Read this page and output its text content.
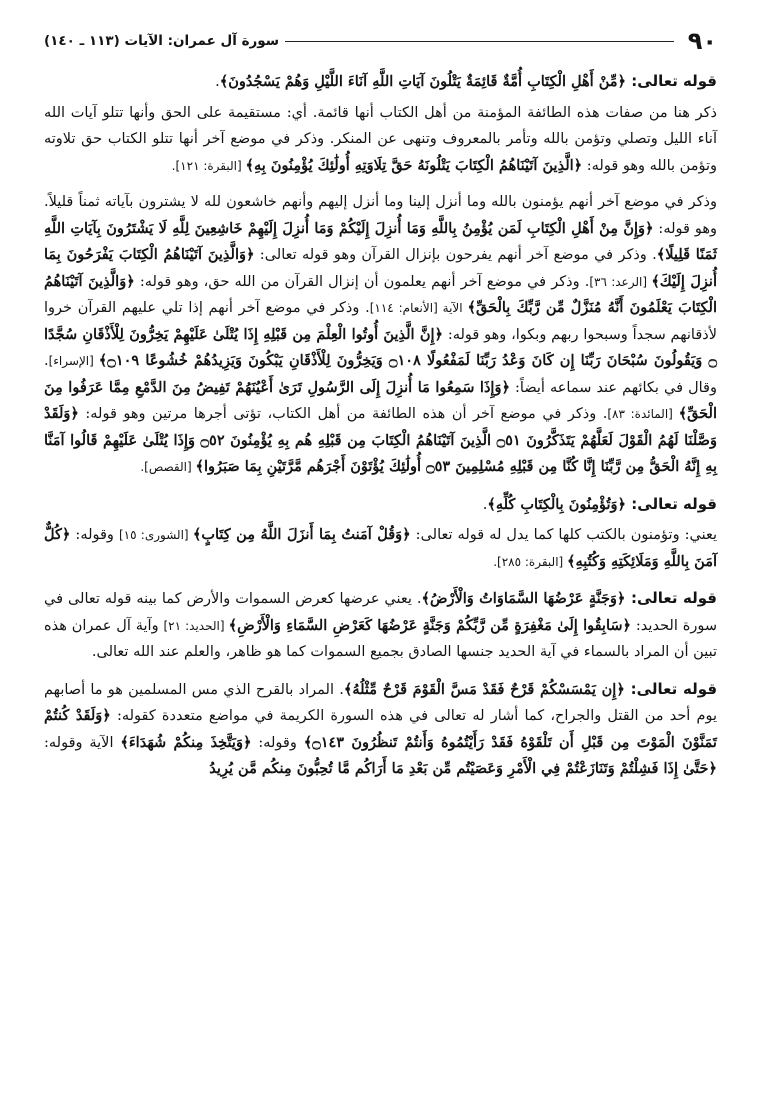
٩٠
سورة آل عمران: الآيات (١١٣ ـ ١٤٠)

قوله تعالى: ﴿مِّنْ أَهْلِ الْكِتَابِ أُمَّةٌ قَائِمَةٌ يَتْلُونَ آيَاتِ اللَّهِ آنَاءَ اللَّيْلِ وَهُمْ يَسْجُدُونَ﴾.

ذكر هنا من صفات هذه الطائفة المؤمنة من أهل الكتاب أنها قائمة. أي: مستقيمة على الحق وأنها تتلو آيات الله آناء الليل وتصلي وتؤمن بالله وتأمر بالمعروف وتنهى عن المنكر. وذكر في موضع آخر أنها تتلو الكتاب حق تلاوته وتؤمن بالله وهو قوله: ﴿الَّذِينَ آتَيْنَاهُمُ الْكِتَابَ يَتْلُونَهُ حَقَّ تِلَاوَتِهِ أُولَٰئِكَ يُؤْمِنُونَ بِهِ﴾ [البقرة: ١٢١].

وذكر في موضع آخر أنهم يؤمنون بالله وما أنزل إلينا وما أنزل إليهم وأنهم خاشعون لله لا يشترون بآياته ثمناً قليلاً. وهو قوله: ﴿وَإِنَّ مِنْ أَهْلِ الْكِتَابِ لَمَن يُؤْمِنُ بِاللَّهِ وَمَا أُنزِلَ إِلَيْكُمْ وَمَا أُنزِلَ إِلَيْهِمْ خَاشِعِينَ لِلَّهِ لَا يَشْتَرُونَ بِآيَاتِ اللَّهِ ثَمَنًا قَلِيلًا﴾. وذكر في موضع آخر أنهم يفرحون بإنزال القرآن وهو قوله تعالى: ﴿وَالَّذِينَ آتَيْنَاهُمُ الْكِتَابَ يَفْرَحُونَ بِمَا أُنزِلَ إِلَيْكَ﴾ [الرعد: ٣٦]. وذكر في موضع آخر أنهم يعلمون أن إنزال القرآن من الله حق، وهو قوله: ﴿وَالَّذِينَ آتَيْنَاهُمُ الْكِتَابَ يَعْلَمُونَ أَنَّهُ مُنَزَّلٌ مِّن رَّبِّكَ بِالْحَقِّ﴾ الآية [الأنعام: ١١٤]. وذكر في موضع آخر أنهم إذا تلي عليهم القرآن خروا لأذقانهم سجداً وسبحوا ربهم وبكوا، وهو قوله: ﴿إِنَّ الَّذِينَ أُوتُوا الْعِلْمَ مِن قَبْلِهِ إِذَا يُتْلَىٰ عَلَيْهِمْ يَخِرُّونَ لِلْأَذْقَانِ سُجَّدًا ۝ وَيَقُولُونَ سُبْحَانَ رَبِّنَا إِن كَانَ وَعْدُ رَبِّنَا لَمَفْعُولًا ۝١٠٨ وَيَخِرُّونَ لِلْأَذْقَانِ يَبْكُونَ وَيَزِيدُهُمْ خُشُوعًا ۝١٠٩﴾ [الإسراء]. وقال في بكائهم عند سماعه أيضاً: ﴿وَإِذَا سَمِعُوا مَا أُنزِلَ إِلَى الرَّسُولِ تَرَىٰ أَعْيُنَهُمْ تَفِيضُ مِنَ الدَّمْعِ مِمَّا عَرَفُوا مِنَ الْحَقِّ﴾ [المائدة: ٨٣]. وذكر في موضع آخر أن هذه الطائفة من أهل الكتاب، تؤتى أجرها مرتين وهو قوله: ﴿وَلَقَدْ وَصَّلْنَا لَهُمُ الْقَوْلَ لَعَلَّهُمْ يَتَذَكَّرُونَ ۝٥١ الَّذِينَ آتَيْنَاهُمُ الْكِتَابَ مِن قَبْلِهِ هُم بِهِ يُؤْمِنُونَ ۝٥٢ وَإِذَا يُتْلَىٰ عَلَيْهِمْ قَالُوا آمَنَّا بِهِ إِنَّهُ الْحَقُّ مِن رَّبِّنَا إِنَّا كُنَّا مِن قَبْلِهِ مُسْلِمِينَ ۝٥٣ أُولَٰئِكَ يُؤْتَوْنَ أَجْرَهُم مَّرَّتَيْنِ بِمَا صَبَرُوا﴾ [القصص].

قوله تعالى: ﴿وَتُؤْمِنُونَ بِالْكِتَابِ كُلِّهِ﴾.

يعني: وتؤمنون بالكتب كلها كما يدل له قوله تعالى: ﴿وَقُلْ آمَنتُ بِمَا أَنزَلَ اللَّهُ مِن كِتَابٍ﴾ [الشورى: ١٥] وقوله: ﴿كُلٌّ آمَنَ بِاللَّهِ وَمَلَائِكَتِهِ وَكُتُبِهِ﴾ [البقرة: ٢٨٥].

قوله تعالى: ﴿وَجَنَّةٍ عَرْضُهَا السَّمَاوَاتُ وَالْأَرْضُ﴾. يعني عرضها كعرض السموات والأرض كما بينه قوله تعالى في سورة الحديد: ﴿سَابِقُوا إِلَىٰ مَغْفِرَةٍ مِّن رَّبِّكُمْ وَجَنَّةٍ عَرْضُهَا كَعَرْضِ السَّمَاءِ وَالْأَرْضِ﴾ [الحديد: ٢١] وآية آل عمران هذه تبين أن المراد بالسماء في آية الحديد جنسها الصادق بجميع السموات كما هو ظاهر، والعلم عند الله تعالى.

قوله تعالى: ﴿إِن يَمْسَسْكُمْ قَرْحٌ فَقَدْ مَسَّ الْقَوْمَ قَرْحٌ مِّثْلُهُ﴾. المراد بالقرح الذي مس المسلمين هو ما أصابهم يوم أحد من القتل والجراح، كما أشار له تعالى في هذه السورة الكريمة في مواضع متعددة كقوله: ﴿وَلَقَدْ كُنتُمْ تَمَنَّوْنَ الْمَوْتَ مِن قَبْلِ أَن تَلْقَوْهُ فَقَدْ رَأَيْتُمُوهُ وَأَنتُمْ تَنظُرُونَ ۝١٤٣﴾ وقوله: ﴿وَيَتَّخِذَ مِنكُمْ شُهَدَاءَ﴾ الآية وقوله: ﴿حَتَّىٰ إِذَا فَشِلْتُمْ وَتَنَازَعْتُمْ فِي الْأَمْرِ وَعَصَيْتُم مِّن بَعْدِ مَا أَرَاكُم مَّا تُحِبُّونَ مِنكُم مَّن يُرِيدُ
